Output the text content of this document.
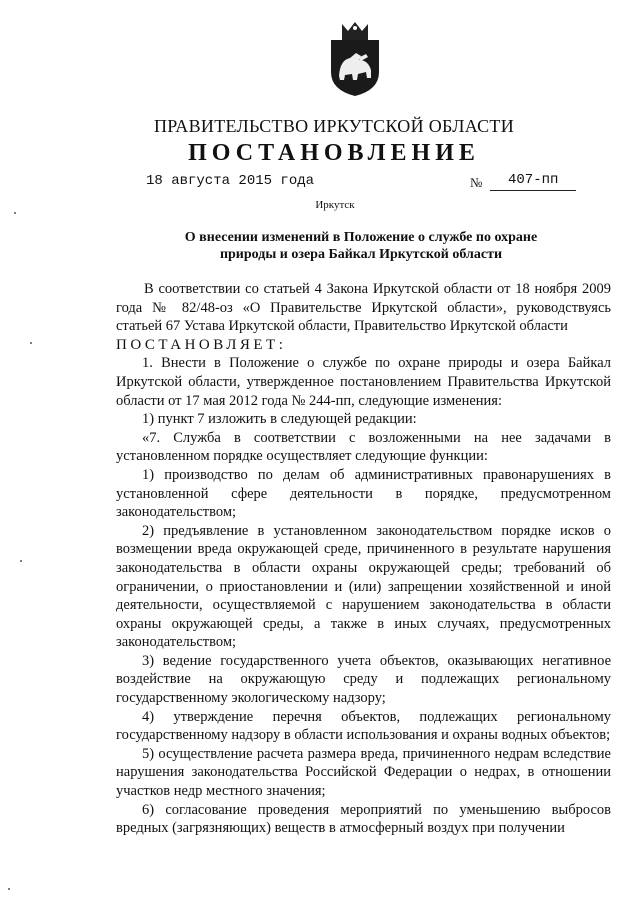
ПРАВИТЕЛЬСТВО ИРКУТСКОЙ ОБЛАСТИ
ПОСТАНОВЛЕНИЕ
18 августа 2015 года	№ 407-пп
Иркутск
О внесении изменений в Положение о службе по охране
природы и озера Байкал Иркутской области

В соответствии со статьей 4 Закона Иркутской области от 18 ноября 2009 года № 82/48-оз «О Правительстве Иркутской области», руководствуясь статьей 67 Устава Иркутской области, Правительство Иркутской области

ПОСТАНОВЛЯЕТ:

1. Внести в Положение о службе по охране природы и озера Байкал Иркутской области, утвержденное постановлением Правительства Иркутской области от 17 мая 2012 года № 244-пп, следующие изменения:

1) пункт 7 изложить в следующей редакции:

«7. Служба в соответствии с возложенными на нее задачами в установленном порядке осуществляет следующие функции:

1) производство по делам об административных правонарушениях в установленной сфере деятельности в порядке, предусмотренном законодательством;

2) предъявление в установленном законодательством порядке исков о возмещении вреда окружающей среде, причиненного в результате нарушения законодательства в области охраны окружающей среды; требований об ограничении, о приостановлении и (или) запрещении хозяйственной и иной деятельности, осуществляемой с нарушением законодательства в области охраны окружающей среды, а также в иных случаях, предусмотренных законодательством;

3) ведение государственного учета объектов, оказывающих негативное воздействие на окружающую среду и подлежащих региональному государственному экологическому надзору;

4) утверждение перечня объектов, подлежащих региональному государственному надзору в области использования и охраны водных объектов;

5) осуществление расчета размера вреда, причиненного недрам вследствие нарушения законодательства Российской Федерации о недрах, в отношении участков недр местного значения;

6) согласование проведения мероприятий по уменьшению выбросов вредных (загрязняющих) веществ в атмосферный воздух при получении
